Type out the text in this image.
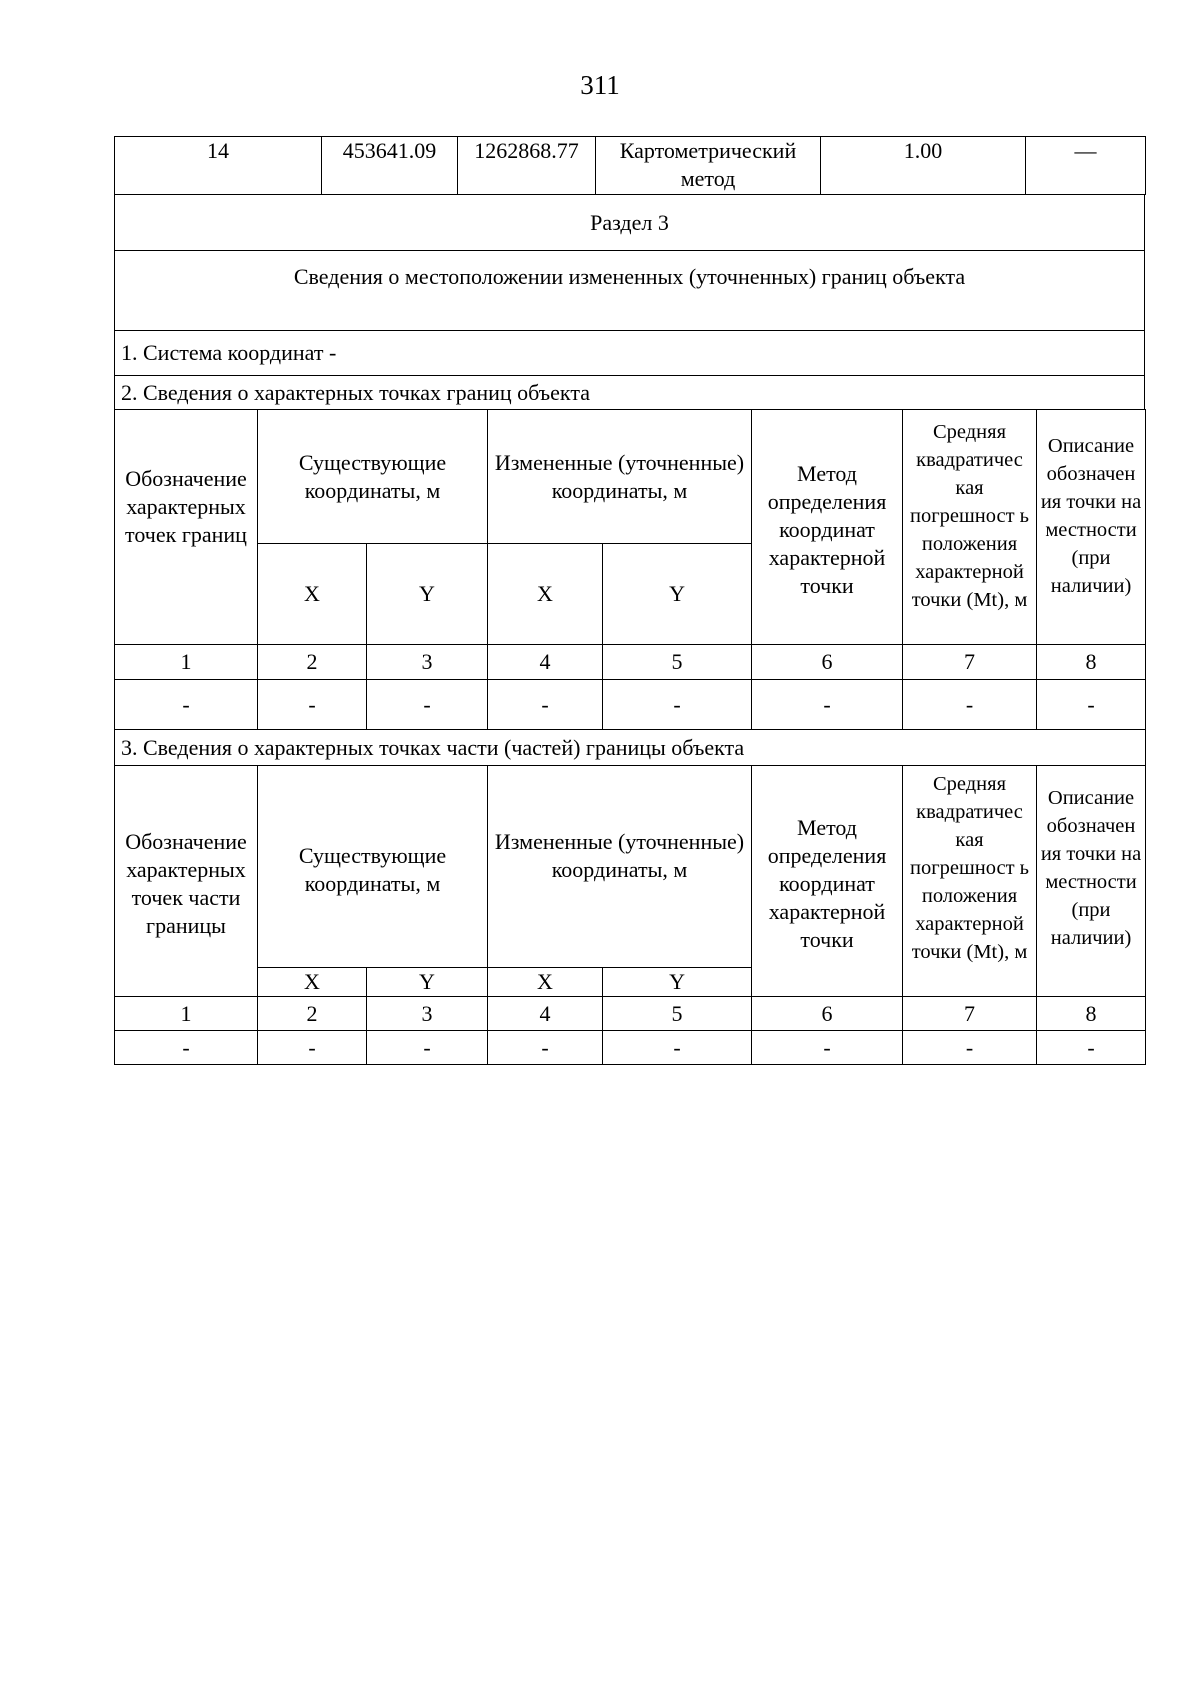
311
14	453641.09	1262868.77	Картометрический метод	1.00	—
Раздел 3
Сведения о местоположении измененных (уточненных) границ объекта
1. Система координат -
2. Сведения о характерных точках границ объекта
Обозначение характерных точек границ	Существующие координаты, м		Измененные (уточненные) координаты, м		Метод определения координат характерной точки	Средняя квадратичес кая погрешност ь положения характерной точки (Mt), м	Описание обозначен ия точки на местности (при наличии)
	X	Y	X	Y			
1	2	3	4	5	6	7	8
-	-	-	-	-	-	-	-
3. Сведения о характерных точках части (частей) границы объекта							
Обозначение характерных точек части границы	Существующие координаты, м		Измененные (уточненные) координаты, м		Метод определения координат характерной точки	Средняя квадратичес кая погрешност ь положения характерной точки (Mt), м	Описание обозначен ия точки на местности (при наличии)
	X	Y	X	Y			
1	2	3	4	5	6	7	8
-	-	-	-	-	-	-	-
